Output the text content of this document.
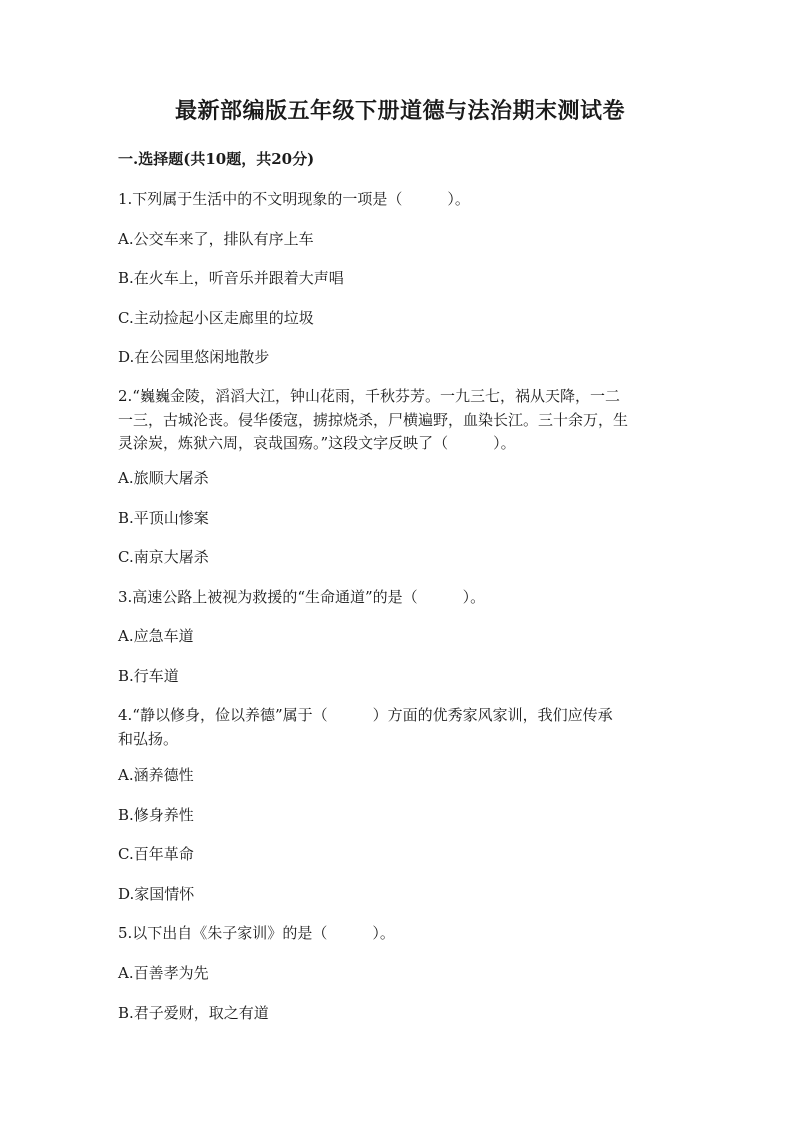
最新部编版五年级下册道德与法治期末测试卷
一.选择题(共10题，共20分)
1.下列属于生活中的不文明现象的一项是（　　　）。
A.公交车来了，排队有序上车
B.在火车上，听音乐并跟着大声唱
C.主动捡起小区走廊里的垃圾
D.在公园里悠闲地散步
2.“巍巍金陵，滔滔大江，钟山花雨，千秋芬芳。一九三七，祸从天降，一二
一三，古城沦丧。侵华倭寇，掳掠烧杀，尸横遍野，血染长江。三十余万，生
灵涂炭，炼狱六周，哀哉国殇。”这段文字反映了（　　　）。
A.旅顺大屠杀
B.平顶山惨案
C.南京大屠杀
3.高速公路上被视为救援的“生命通道”的是（　　　）。
A.应急车道
B.行车道
4.“静以修身，俭以养德”属于（　　　）方面的优秀家风家训，我们应传承
和弘扬。
A.涵养德性
B.修身养性
C.百年革命
D.家国情怀
5.以下出自《朱子家训》的是（　　　）。
A.百善孝为先
B.君子爱财，取之有道
